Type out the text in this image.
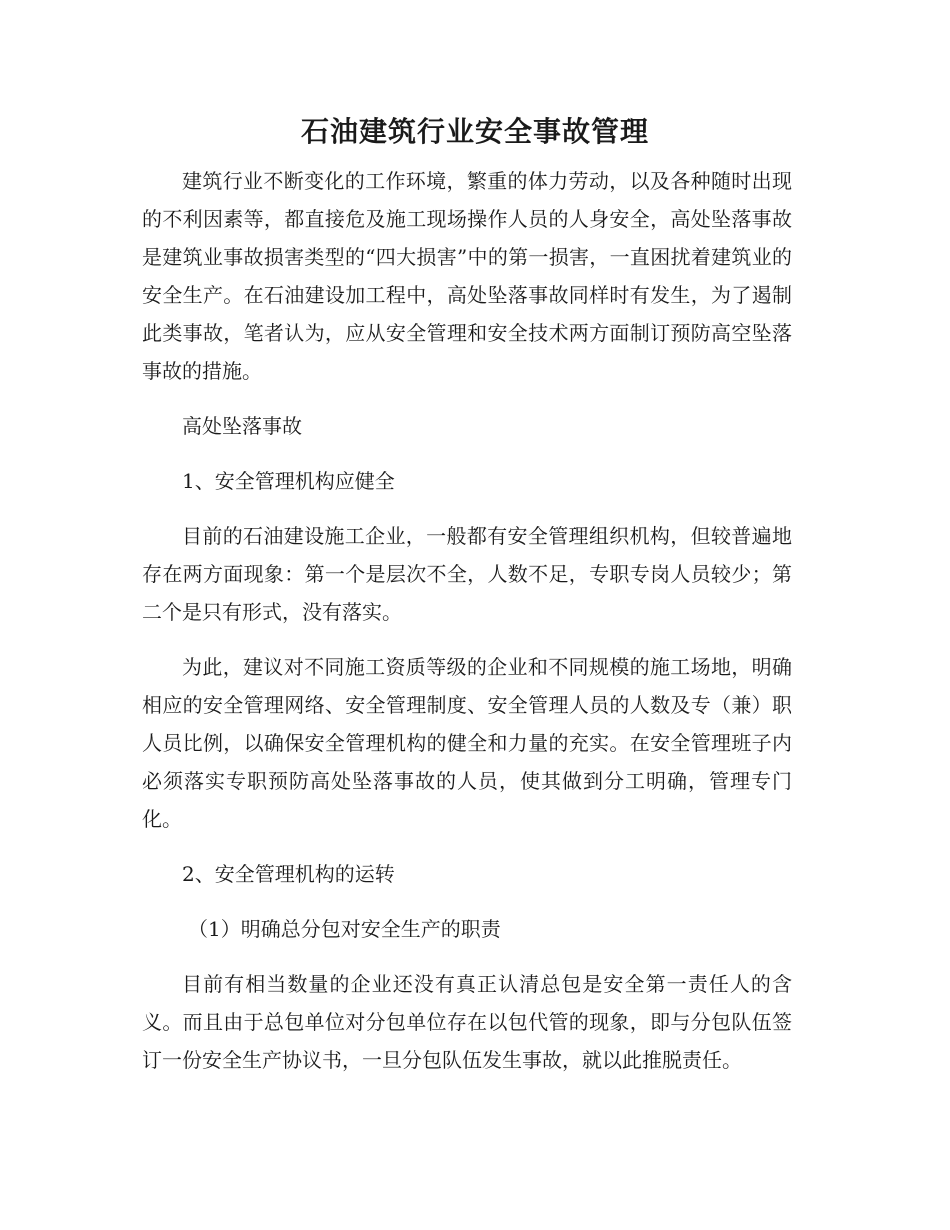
石油建筑行业安全事故管理

建筑行业不断变化的工作环境，繁重的体力劳动，以及各种随时出现的不利因素等，都直接危及施工现场操作人员的人身安全，高处坠落事故是建筑业事故损害类型的“四大损害”中的第一损害，一直困扰着建筑业的安全生产。在石油建设加工程中，高处坠落事故同样时有发生，为了遏制此类事故，笔者认为，应从安全管理和安全技术两方面制订预防高空坠落事故的措施。

高处坠落事故

1、安全管理机构应健全

目前的石油建设施工企业，一般都有安全管理组织机构，但较普遍地存在两方面现象：第一个是层次不全，人数不足，专职专岗人员较少；第二个是只有形式，没有落实。

为此，建议对不同施工资质等级的企业和不同规模的施工场地，明确相应的安全管理网络、安全管理制度、安全管理人员的人数及专（兼）职人员比例，以确保安全管理机构的健全和力量的充实。在安全管理班子内必须落实专职预防高处坠落事故的人员，使其做到分工明确，管理专门化。

2、安全管理机构的运转

（1）明确总分包对安全生产的职责

目前有相当数量的企业还没有真正认清总包是安全第一责任人的含义。而且由于总包单位对分包单位存在以包代管的现象，即与分包队伍签订一份安全生产协议书，一旦分包队伍发生事故，就以此推脱责任。
